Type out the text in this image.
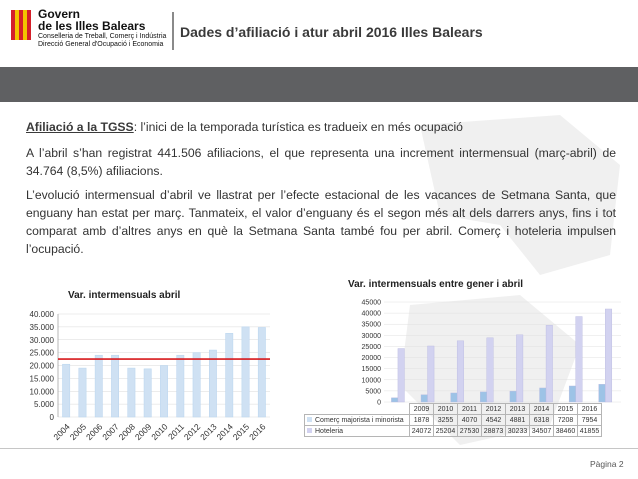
Govern
de les Illes Balears
Conselleria de Treball, Comerç i Indústria
Direcció General d'Ocupació i Economia
Dades d’afiliació i atur abril 2016 Illes Balears
Afiliació a la TGSS: l’inici de la temporada turística es tradueix en més ocupació
A l’abril s’han registrat 441.506 afiliacions, el que representa una increment intermensual (març-abril) de 34.764 (8,5%) afiliacions.
L’evolució intermensual d’abril ve llastrat per l’efecte estacional de les vacances de Setmana Santa, que enguany han estat per març. Tanmateix, el valor d’enguany és el segon més alt dels darrers anys, fins i tot comparat amb d’altres anys en què la Setmana Santa també fou per abril. Comerç i hoteleria impulsen l’ocupació.
Var. intermensuals abril
0
5.000
10.000
15.000
20.000
25.000
30.000
35.000
40.000
2004
2005
2006
2007
2008
2009
2010
2011
2012
2013
2014
2015
2016
Var. intermensuals entre gener i abril
0
5000
10000
15000
20000
25000
30000
35000
40000
45000
	2009	2010	2011	2012	2013	2014	2015	2016
Comerç majorista i minorista	1878	3255	4070	4542	4881	6318	7208	7954
Hoteleria	24072	25204	27530	28873	30233	34507	38460	41855
Pàgina 2
